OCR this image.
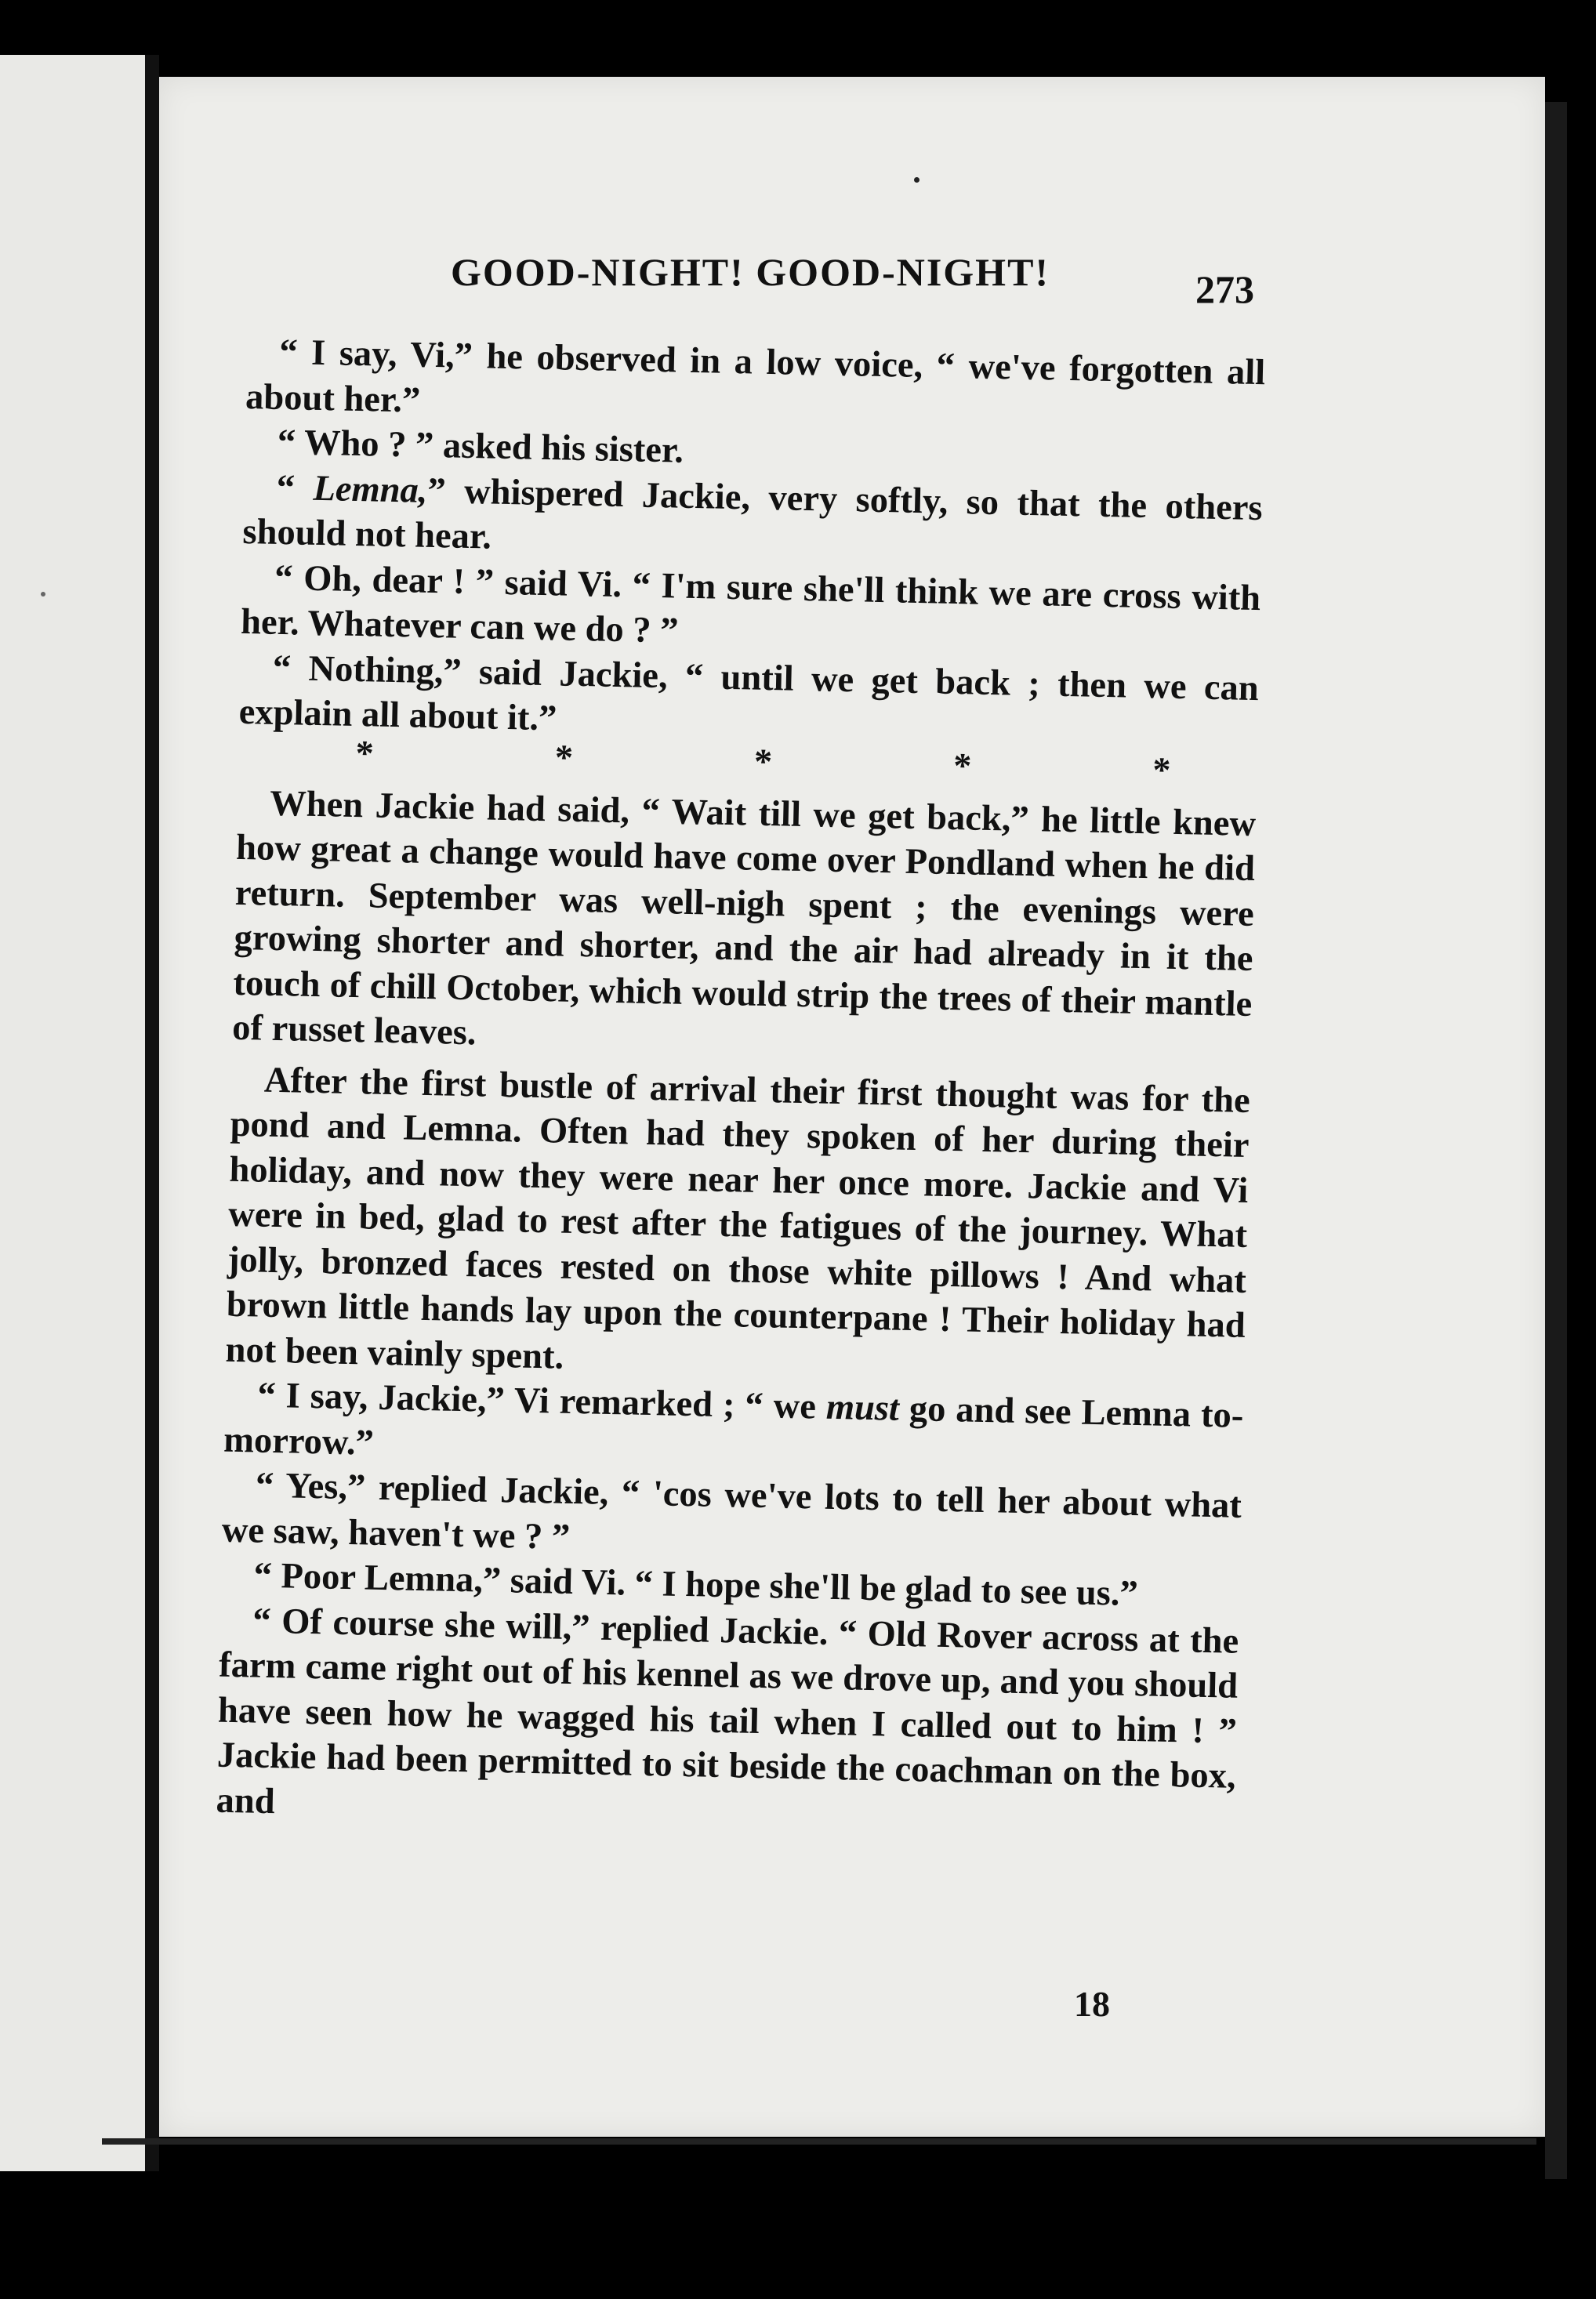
GOOD-NIGHT! GOOD-NIGHT!	273

“ I say, Vi,” he observed in a low voice, “ we've forgotten all about her.”

“ Who ? ” asked his sister.

“ Lemna,” whispered Jackie, very softly, so that the others should not hear.

“ Oh, dear ! ” said Vi. “ I'm sure she'll think we are cross with her. Whatever can we do ? ”

“ Nothing,” said Jackie, “ until we get back ; then we can explain all about it.”

*	*	*	*	*

When Jackie had said, “ Wait till we get back,” he little knew how great a change would have come over Pondland when he did return. September was well-nigh spent ; the evenings were growing shorter and shorter, and the air had already in it the touch of chill October, which would strip the trees of their mantle of russet leaves.

After the first bustle of arrival their first thought was for the pond and Lemna. Often had they spoken of her during their holiday, and now they were near her once more. Jackie and Vi were in bed, glad to rest after the fatigues of the journey. What jolly, bronzed faces rested on those white pillows ! And what brown little hands lay upon the counterpane ! Their holiday had not been vainly spent.

“ I say, Jackie,” Vi remarked ; “ we must go and see Lemna to-morrow.”

“ Yes,” replied Jackie, “ 'cos we've lots to tell her about what we saw, haven't we ? ”

“ Poor Lemna,” said Vi. “ I hope she'll be glad to see us.”

“ Of course she will,” replied Jackie. “ Old Rover across at the farm came right out of his kennel as we drove up, and you should have seen how he wagged his tail when I called out to him ! ” Jackie had been permitted to sit beside the coachman on the box, and

18
